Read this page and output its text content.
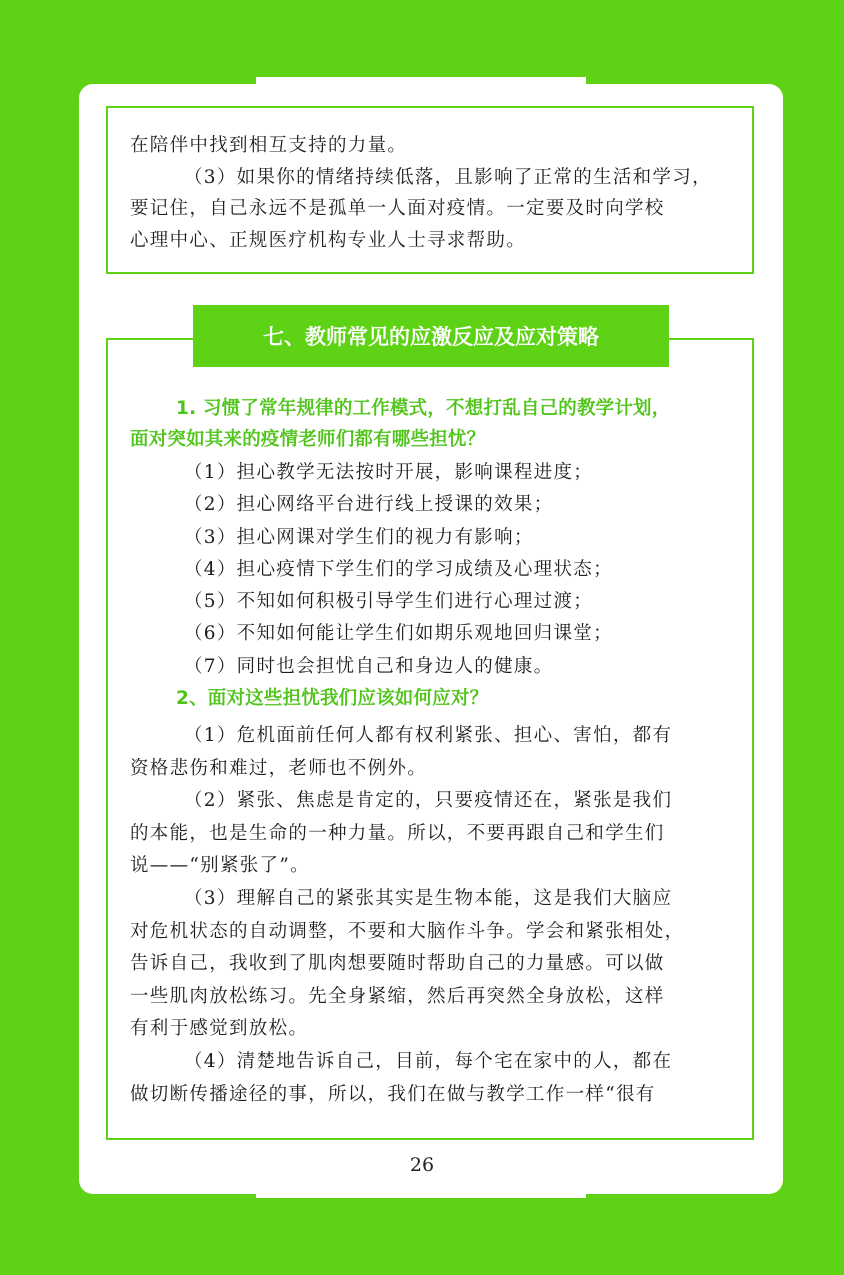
在陪伴中找到相互支持的力量。
（3）如果你的情绪持续低落，且影响了正常的生活和学习，
要记住，自己永远不是孤单一人面对疫情。一定要及时向学校
心理中心、正规医疗机构专业人士寻求帮助。
七、教师常见的应激反应及应对策略
1. 习惯了常年规律的工作模式，不想打乱自己的教学计划，
面对突如其来的疫情老师们都有哪些担忧？
（1）担心教学无法按时开展，影响课程进度；
（2）担心网络平台进行线上授课的效果；
（3）担心网课对学生们的视力有影响；
（4）担心疫情下学生们的学习成绩及心理状态；
（5）不知如何积极引导学生们进行心理过渡；
（6）不知如何能让学生们如期乐观地回归课堂；
（7）同时也会担忧自己和身边人的健康。
2、面对这些担忧我们应该如何应对？
（1）危机面前任何人都有权利紧张、担心、害怕，都有
资格悲伤和难过，老师也不例外。
（2）紧张、焦虑是肯定的，只要疫情还在，紧张是我们
的本能，也是生命的一种力量。所以，不要再跟自己和学生们
说——“别紧张了”。
（3）理解自己的紧张其实是生物本能，这是我们大脑应
对危机状态的自动调整，不要和大脑作斗争。学会和紧张相处，
告诉自己，我收到了肌肉想要随时帮助自己的力量感。可以做
一些肌肉放松练习。先全身紧缩，然后再突然全身放松，这样
有利于感觉到放松。
（4）清楚地告诉自己，目前，每个宅在家中的人，都在
做切断传播途径的事，所以，我们在做与教学工作一样“很有
26
